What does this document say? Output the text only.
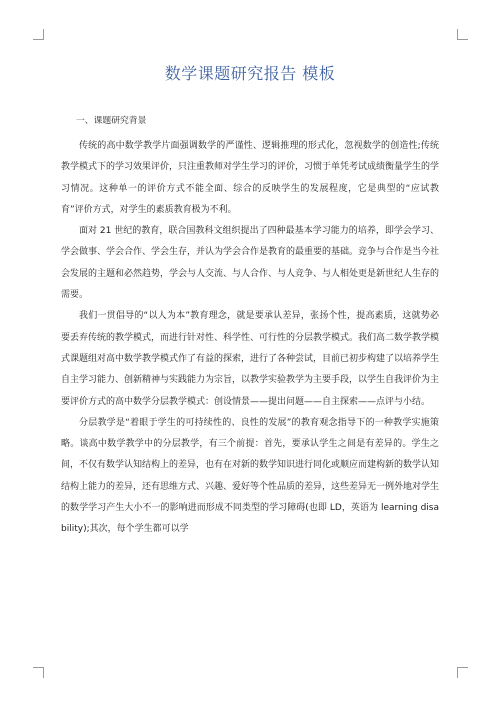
数学课题研究报告 模板
一、课题研究背景

传统的高中数学教学片面强调数学的严谨性、逻辑推理的形式化，忽视数学的创造性;传统教学模式下的学习效果评价，只注重教师对学生学习的评价，习惯于单凭考试成绩衡量学生的学习情况。这种单一的评价方式不能全面、综合的反映学生的发展程度，它是典型的“应试教育”评价方式，对学生的素质教育极为不利。

面对 21 世纪的教育，联合国教科文组织提出了四种最基本学习能力的培养，即学会学习、学会做事、学会合作、学会生存，并认为学会合作是教育的最重要的基础。竞争与合作是当今社会发展的主题和必然趋势，学会与人交流、与人合作、与人竞争、与人相处更是新世纪人生存的需要。

我们一贯倡导的“以人为本”教育理念，就是要承认差异，张扬个性，提高素质，这就势必要丢弃传统的教学模式，而进行针对性、科学性、可行性的分层教学模式。我们高二数学教学模式课题组对高中数学教学模式作了有益的探索，进行了各种尝试，目前已初步构建了以培养学生自主学习能力、创新精神与实践能力为宗旨，以教学实验教学为主要手段，以学生自我评价为主要评价方式的高中数学分层教学模式：创设情景——提出问题——自主探索——点评与小结。

分层教学是“着眼于学生的可持续性的、良性的发展”的教育观念指导下的一种教学实施策略。谈高中数学教学中的分层教学，有三个前提：首先，要承认学生之间是有差异的。学生之间，不仅有数学认知结构上的差异，也有在对新的数学知识进行同化或顺应而建构新的数学认知结构上能力的差异，还有思维方式、兴趣、爱好等个性品质的差异，这些差异无一例外地对学生的数学学习产生大小不一的影响进而形成不同类型的学习障碍(也即 LD，英语为 learning disability);其次，每个学生都可以学
